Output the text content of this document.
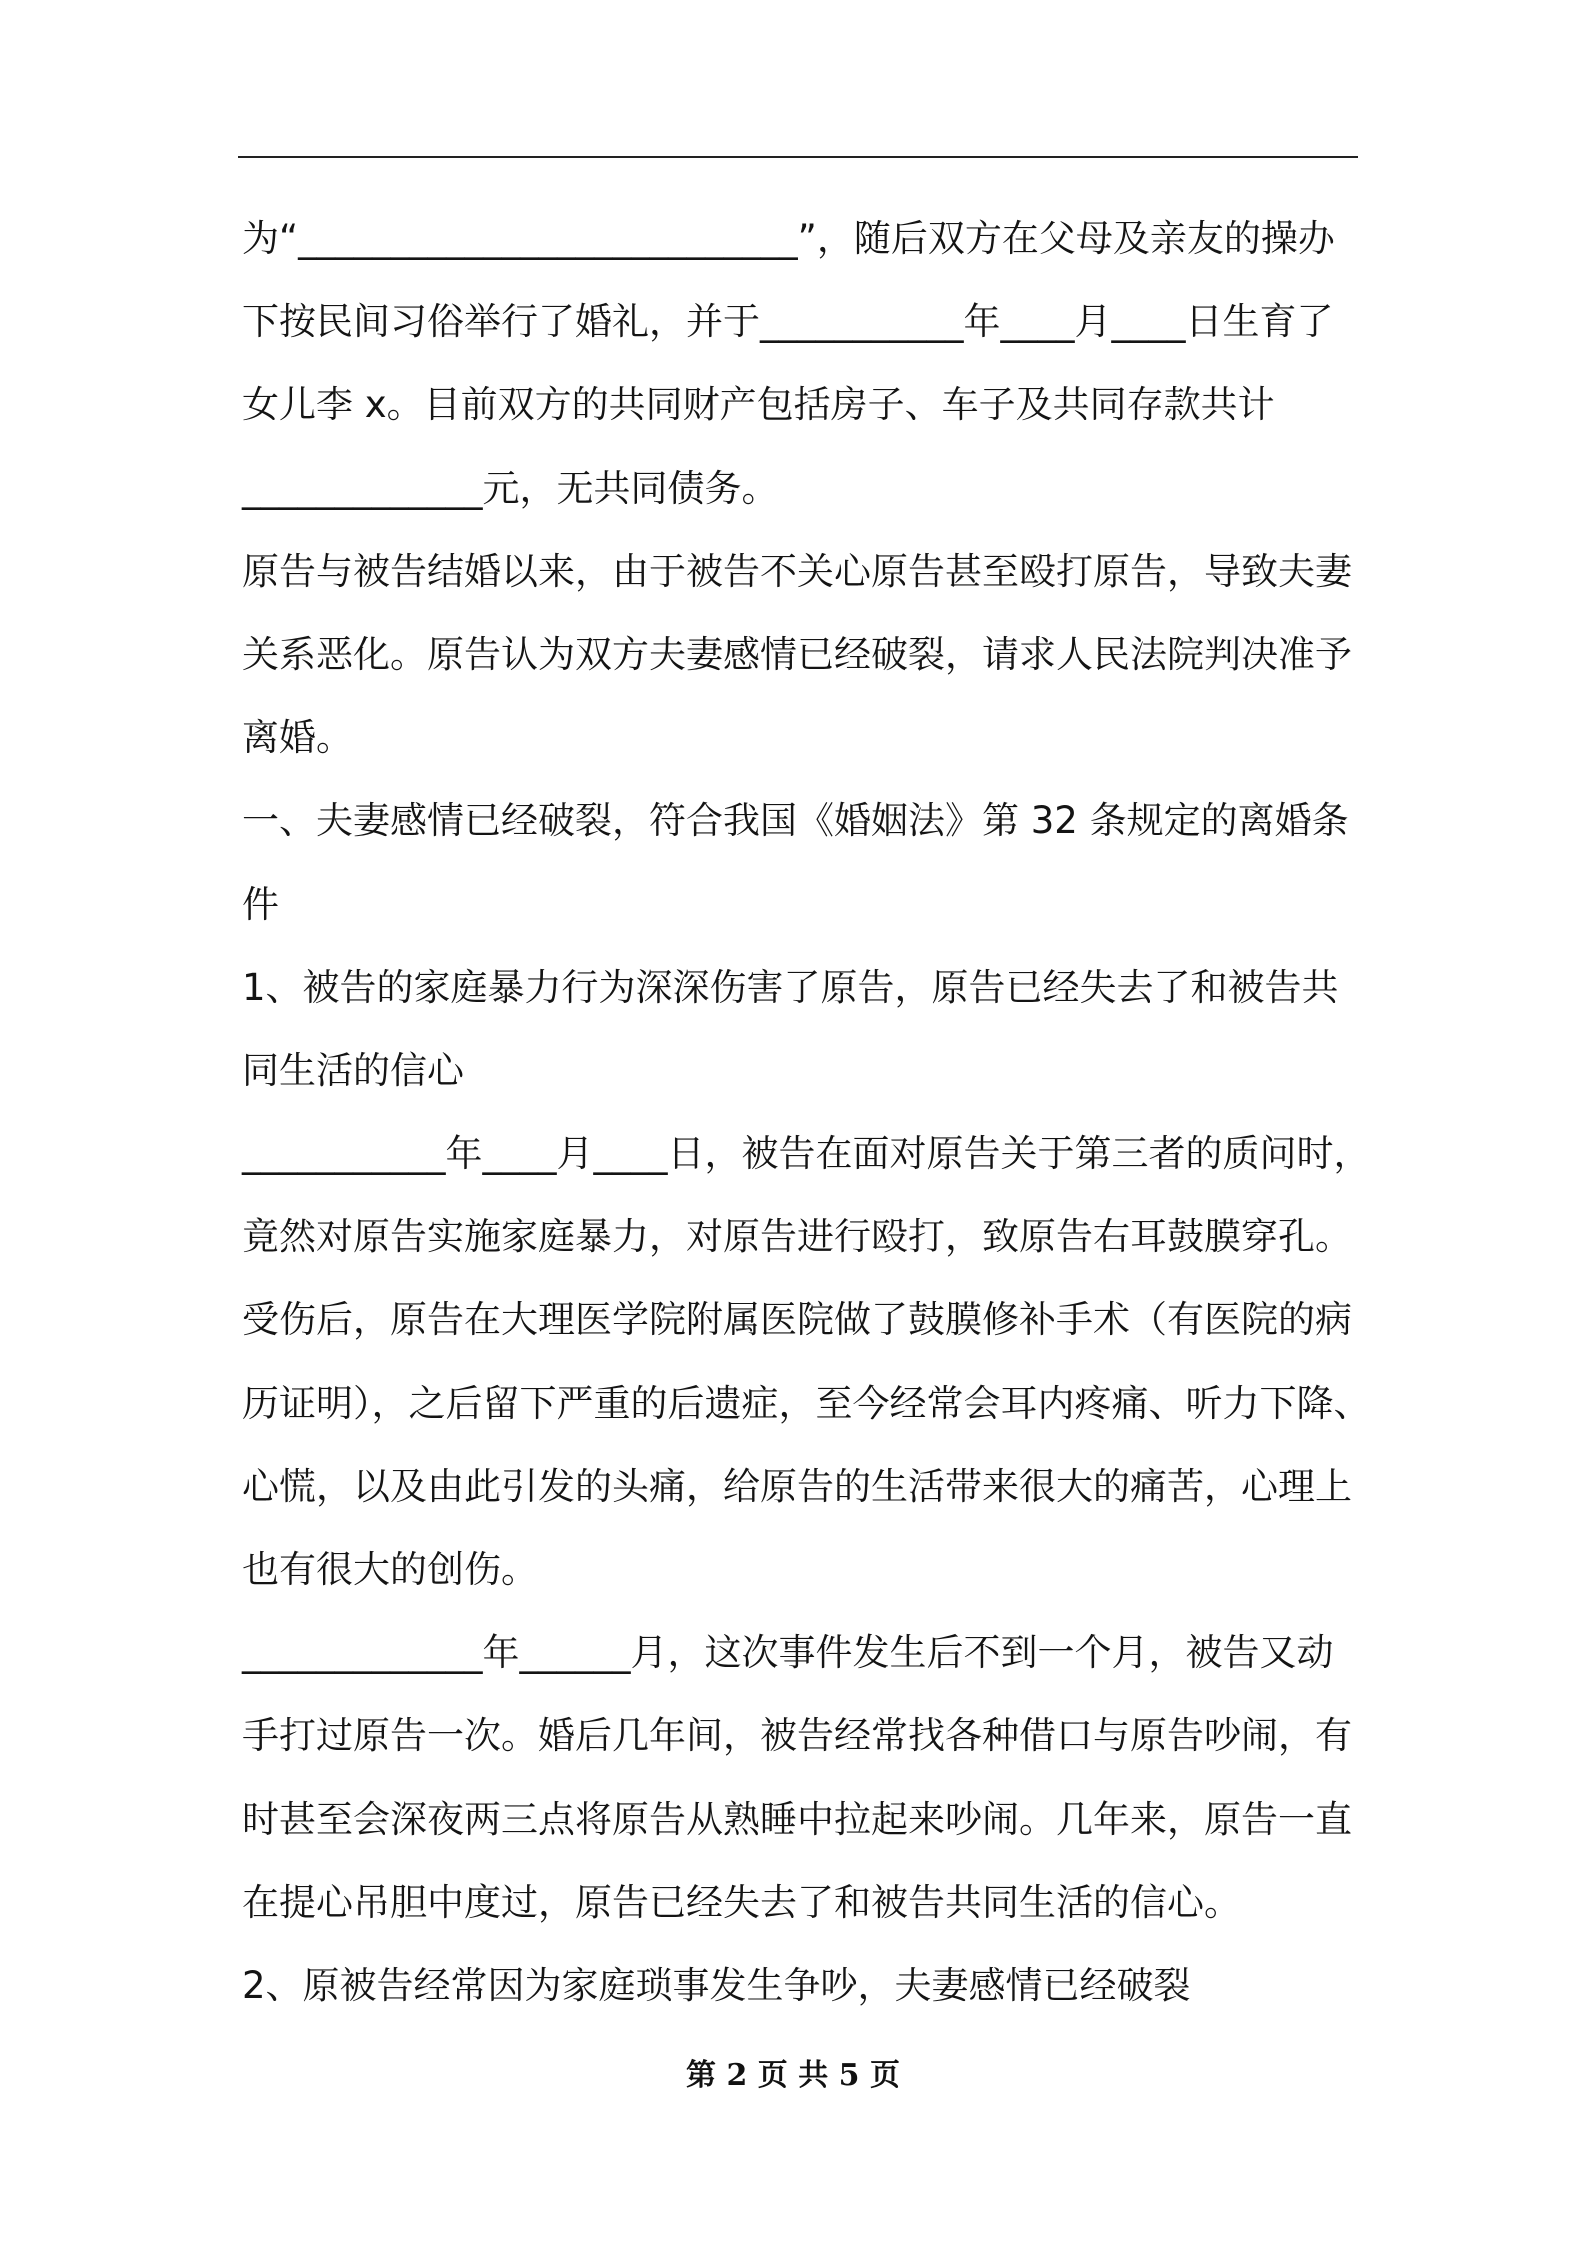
为“___________________________”，随后双方在父母及亲友的操办
下按民间习俗举行了婚礼，并于___________年____月____日生育了
女儿李 x。目前双方的共同财产包括房子、车子及共同存款共计
_____________元，无共同债务。
原告与被告结婚以来，由于被告不关心原告甚至殴打原告，导致夫妻
关系恶化。原告认为双方夫妻感情已经破裂，请求人民法院判决准予
离婚。
一、夫妻感情已经破裂，符合我国《婚姻法》第 32 条规定的离婚条
件
1、被告的家庭暴力行为深深伤害了原告，原告已经失去了和被告共
同生活的信心
___________年____月____日，被告在面对原告关于第三者的质问时，
竟然对原告实施家庭暴力，对原告进行殴打，致原告右耳鼓膜穿孔。
受伤后，原告在大理医学院附属医院做了鼓膜修补手术（有医院的病
历证明），之后留下严重的后遗症，至今经常会耳内疼痛、听力下降、
心慌，以及由此引发的头痛，给原告的生活带来很大的痛苦，心理上
也有很大的创伤。
_____________年______月，这次事件发生后不到一个月，被告又动
手打过原告一次。婚后几年间，被告经常找各种借口与原告吵闹，有
时甚至会深夜两三点将原告从熟睡中拉起来吵闹。几年来，原告一直
在提心吊胆中度过，原告已经失去了和被告共同生活的信心。
2、原被告经常因为家庭琐事发生争吵，夫妻感情已经破裂
第 2 页 共 5 页
